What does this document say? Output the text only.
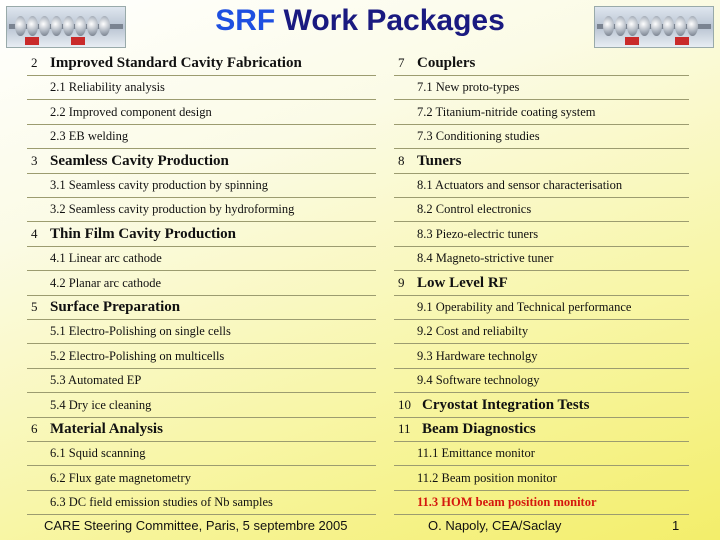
SRF Work Packages
2 Improved Standard Cavity Fabrication
2.1 Reliability analysis
2.2 Improved component design
2.3 EB welding
3 Seamless Cavity Production
3.1 Seamless cavity production by spinning
3.2 Seamless cavity production by hydroforming
4 Thin Film Cavity Production
4.1 Linear arc cathode
4.2 Planar arc cathode
5 Surface Preparation
5.1 Electro-Polishing on single cells
5.2 Electro-Polishing on multicells
5.3 Automated EP
5.4 Dry ice cleaning
6 Material Analysis
6.1 Squid scanning
6.2 Flux gate magnetometry
6.3 DC field emission studies of Nb samples
7 Couplers
7.1 New proto-types
7.2 Titanium-nitride coating system
7.3 Conditioning studies
8 Tuners
8.1 Actuators and sensor characterisation
8.2 Control electronics
8.3 Piezo-electric tuners
8.4 Magneto-strictive tuner
9 Low Level RF
9.1 Operability and Technical performance
9.2 Cost and reliabilty
9.3 Hardware technolgy
9.4 Software technology
10 Cryostat Integration Tests
11 Beam Diagnostics
11.1 Emittance monitor
11.2 Beam position monitor
11.3 HOM beam position monitor
CARE Steering Committee, Paris, 5 septembre 2005	O. Napoly, CEA/Saclay	1
